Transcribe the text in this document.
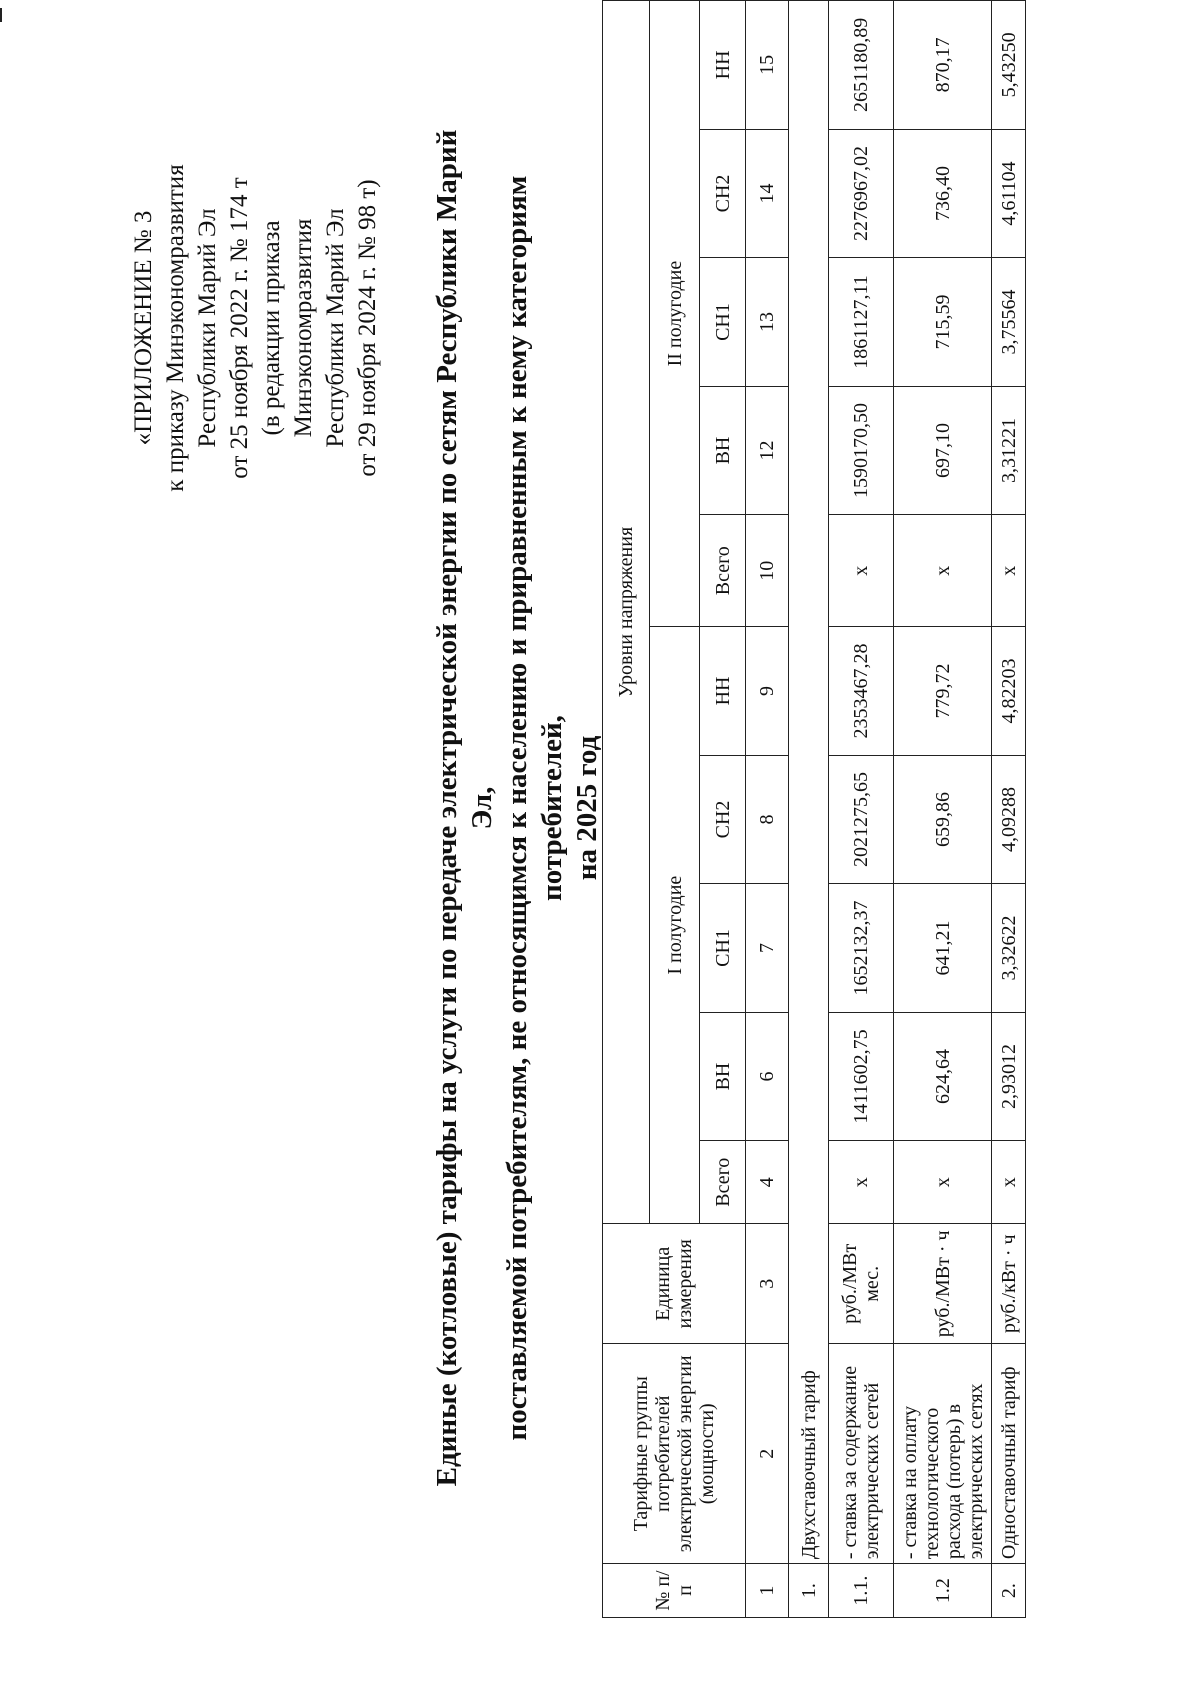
«ПРИЛОЖЕНИЕ № 3 к приказу Минэкономразвития Республики Марий Эл от 25 ноября 2022 г. № 174 т (в редакции приказа Минэкономразвития Республики Марий Эл от 29 ноября 2024 г. № 98 т) Единые (котловые) тарифы на услуги по передаче электрической энергии по сетям Республики Марий Эл, поставляемой потребителям, не относящимся к населению и приравненным к нему категориям потребителей, на 2025 год
№ п/п	Тарифные группы потребителей электрической энергии (мощности)	Единица измерения	Уровни напряжения									
			I полугодие					II полугодие				
			Всего	ВН	СН1	СН2	НН	Всего	ВН	СН1	СН2	НН
1	2	3	4	6	7	8	9	10	12	13	14	15
1.	Двухставочный тариф											
1.1.	- ставка за содержание электрических сетей	руб./МВт мес.	х	1411602,75	1652132,37	2021275,65	2353467,28	х	1590170,50	1861127,11	2276967,02	2651180,89
1.2	- ставка на оплату технологического расхода (потерь) в электрических сетях	руб./МВт · ч	х	624,64	641,21	659,86	779,72	х	697,10	715,59	736,40	870,17
2.	Одноставочный тариф	руб./кВт · ч	х	2,93012	3,32622	4,09288	4,82203	х	3,31221	3,75564	4,61104	5,43250
